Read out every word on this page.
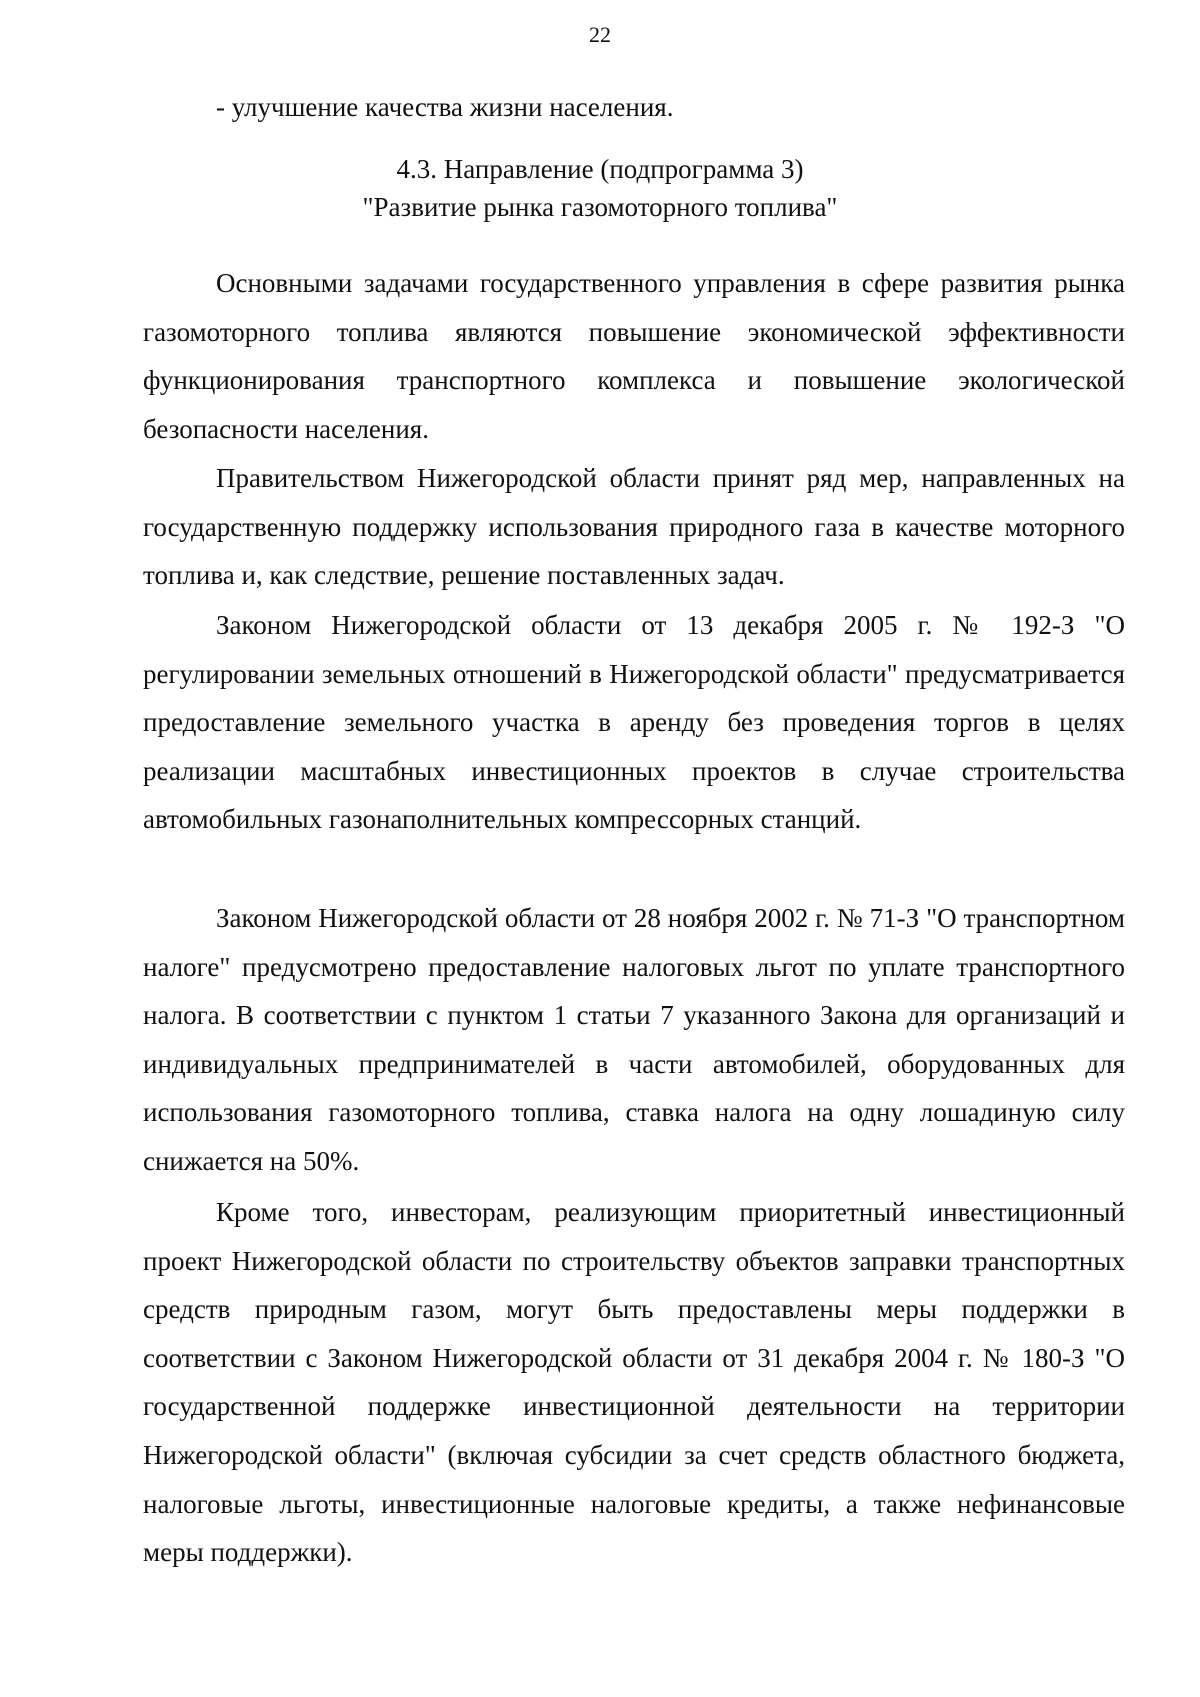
22

- улучшение качества жизни населения.

4.3. Направление (подпрограмма 3)
"Развитие рынка газомоторного топлива"

Основными задачами государственного управления в сфере развития рынка газомоторного топлива являются повышение экономической эффективности функционирования транспортного комплекса и повышение экологической безопасности населения.

Правительством Нижегородской области принят ряд мер, направленных на государственную поддержку использования природного газа в качестве моторного топлива и, как следствие, решение поставленных задач.

Законом Нижегородской области от 13 декабря 2005 г. № 192-З "О регулировании земельных отношений в Нижегородской области" предусматривается предоставление земельного участка в аренду без проведения торгов в целях реализации масштабных инвестиционных проектов в случае строительства автомобильных газонаполнительных компрессорных станций.

Законом Нижегородской области от 28 ноября 2002 г. № 71-З "О транспортном налоге" предусмотрено предоставление налоговых льгот по уплате транспортного налога. В соответствии с пунктом 1 статьи 7 указанного Закона для организаций и индивидуальных предпринимателей в части автомобилей, оборудованных для использования газомоторного топлива, ставка налога на одну лошадиную силу снижается на 50%.

Кроме того, инвесторам, реализующим приоритетный инвестиционный проект Нижегородской области по строительству объектов заправки транспортных средств природным газом, могут быть предоставлены меры поддержки в соответствии с Законом Нижегородской области от 31 декабря 2004 г. № 180-З "О государственной поддержке инвестиционной деятельности на территории Нижегородской области" (включая субсидии за счет средств областного бюджета, налоговые льготы, инвестиционные налоговые кредиты, а также нефинансовые меры поддержки).
